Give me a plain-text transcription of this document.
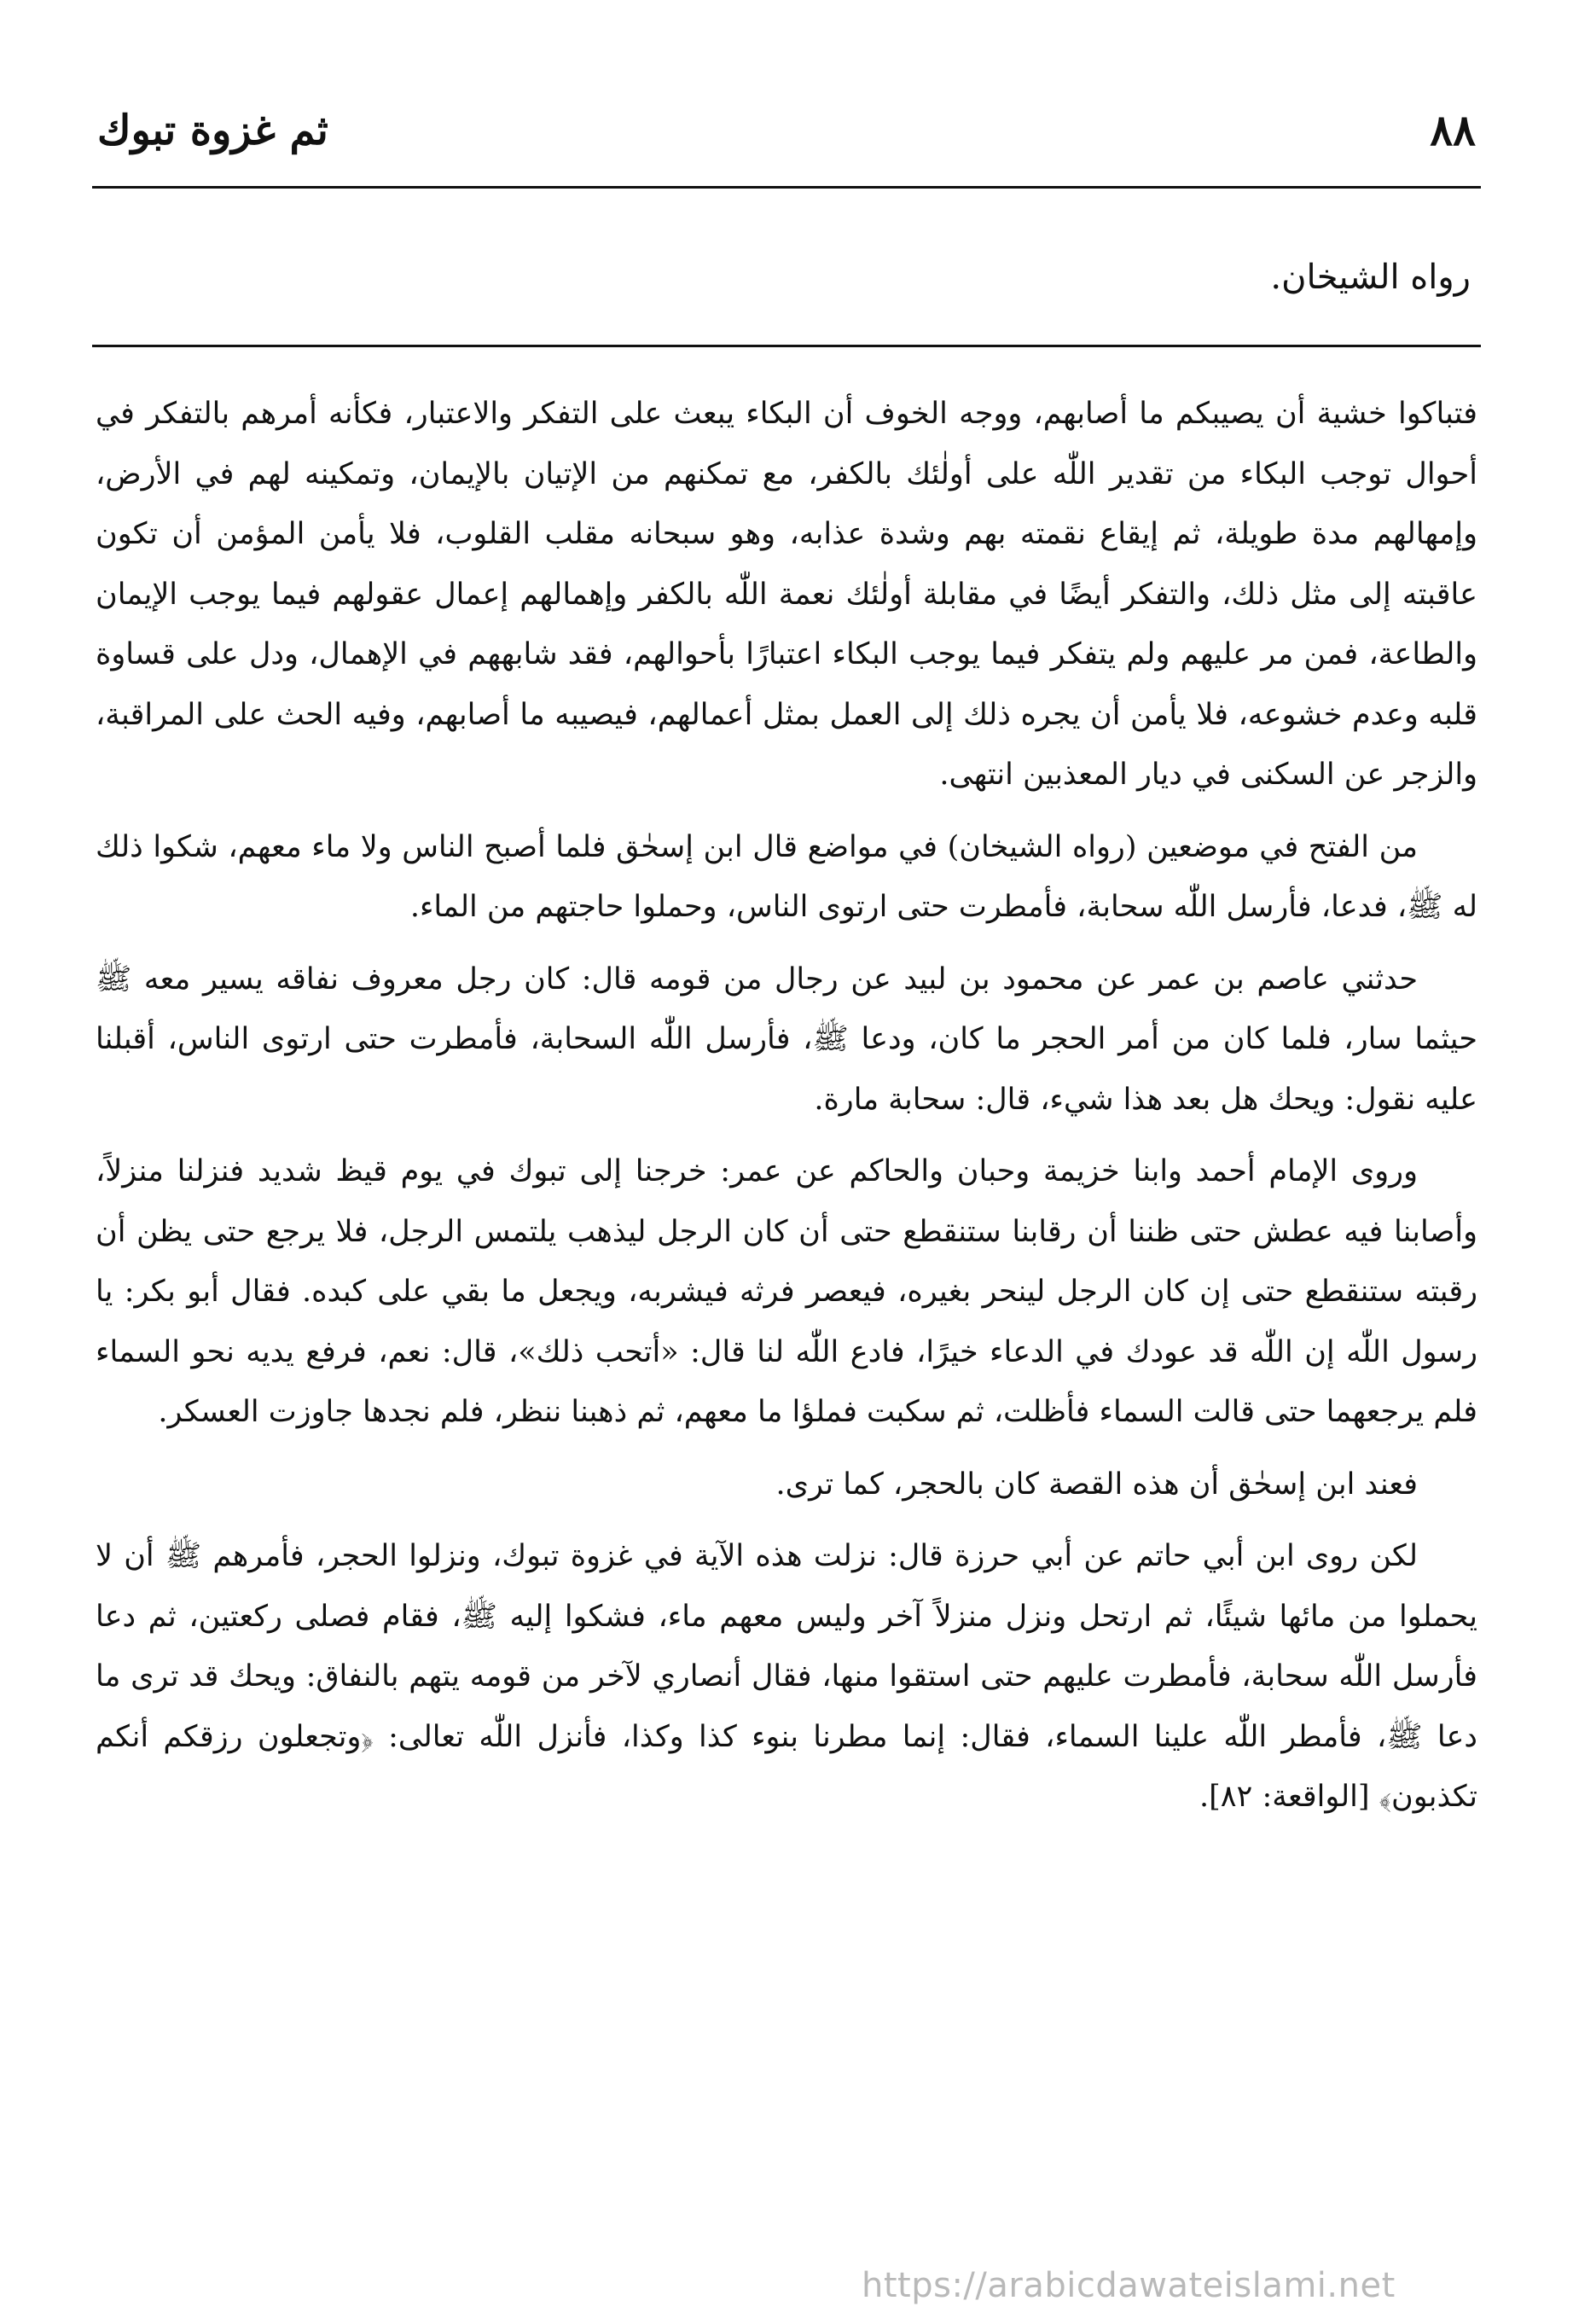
٨٨
ثم غزوة تبوك
رواه الشيخان.

فتباكوا خشية أن يصيبكم ما أصابهم، ووجه الخوف أن البكاء يبعث على التفكر والاعتبار، فكأنه أمرهم بالتفكر في أحوال توجب البكاء من تقدير اللّٰه على أولٰئك بالكفر، مع تمكنهم من الإتيان بالإيمان، وتمكينه لهم في الأرض، وإمهالهم مدة طويلة، ثم إيقاع نقمته بهم وشدة عذابه، وهو سبحانه مقلب القلوب، فلا يأمن المؤمن أن تكون عاقبته إلى مثل ذلك، والتفكر أيضًا في مقابلة أولٰئك نعمة اللّٰه بالكفر وإهمالهم إعمال عقولهم فيما يوجب الإيمان والطاعة، فمن مر عليهم ولم يتفكر فيما يوجب البكاء اعتبارًا بأحوالهم، فقد شابههم في الإهمال، ودل على قساوة قلبه وعدم خشوعه، فلا يأمن أن يجره ذلك إلى العمل بمثل أعمالهم، فيصيبه ما أصابهم، وفيه الحث على المراقبة، والزجر عن السكنى في ديار المعذبين انتهى.

من الفتح في موضعين (رواه الشيخان) في مواضع قال ابن إسحٰق فلما أصبح الناس ولا ماء معهم، شكوا ذلك له ﷺ، فدعا، فأرسل اللّٰه سحابة، فأمطرت حتى ارتوى الناس، وحملوا حاجتهم من الماء.

حدثني عاصم بن عمر عن محمود بن لبيد عن رجال من قومه قال: كان رجل معروف نفاقه يسير معه ﷺ حيثما سار، فلما كان من أمر الحجر ما كان، ودعا ﷺ، فأرسل اللّٰه السحابة، فأمطرت حتى ارتوى الناس، أقبلنا عليه نقول: ويحك هل بعد هذا شيء، قال: سحابة مارة.

وروى الإمام أحمد وابنا خزيمة وحبان والحاكم عن عمر: خرجنا إلى تبوك في يوم قيظ شديد فنزلنا منزلاً، وأصابنا فيه عطش حتى ظننا أن رقابنا ستنقطع حتى أن كان الرجل ليذهب يلتمس الرجل، فلا يرجع حتى يظن أن رقبته ستنقطع حتى إن كان الرجل لينحر بغيره، فيعصر فرثه فيشربه، ويجعل ما بقي على كبده. فقال أبو بكر: يا رسول اللّٰه إن اللّٰه قد عودك في الدعاء خيرًا، فادع اللّٰه لنا قال: «أتحب ذلك»، قال: نعم، فرفع يديه نحو السماء فلم يرجعهما حتى قالت السماء فأظلت، ثم سكبت فملؤا ما معهم، ثم ذهبنا ننظر، فلم نجدها جاوزت العسكر.

فعند ابن إسحٰق أن هذه القصة كان بالحجر، كما ترى.

لكن روى ابن أبي حاتم عن أبي حرزة قال: نزلت هذه الآية في غزوة تبوك، ونزلوا الحجر، فأمرهم ﷺ أن لا يحملوا من مائها شيئًا، ثم ارتحل ونزل منزلاً آخر وليس معهم ماء، فشكوا إليه ﷺ، فقام فصلى ركعتين، ثم دعا فأرسل اللّٰه سحابة، فأمطرت عليهم حتى استقوا منها، فقال أنصاري لآخر من قومه يتهم بالنفاق: ويحك قد ترى ما دعا ﷺ، فأمطر اللّٰه علينا السماء، فقال: إنما مطرنا بنوء كذا وكذا، فأنزل اللّٰه تعالى: ﴿وتجعلون رزقكم أنكم تكذبون﴾ [الواقعة: ٨٢].

https://arabicdawateislami.net
